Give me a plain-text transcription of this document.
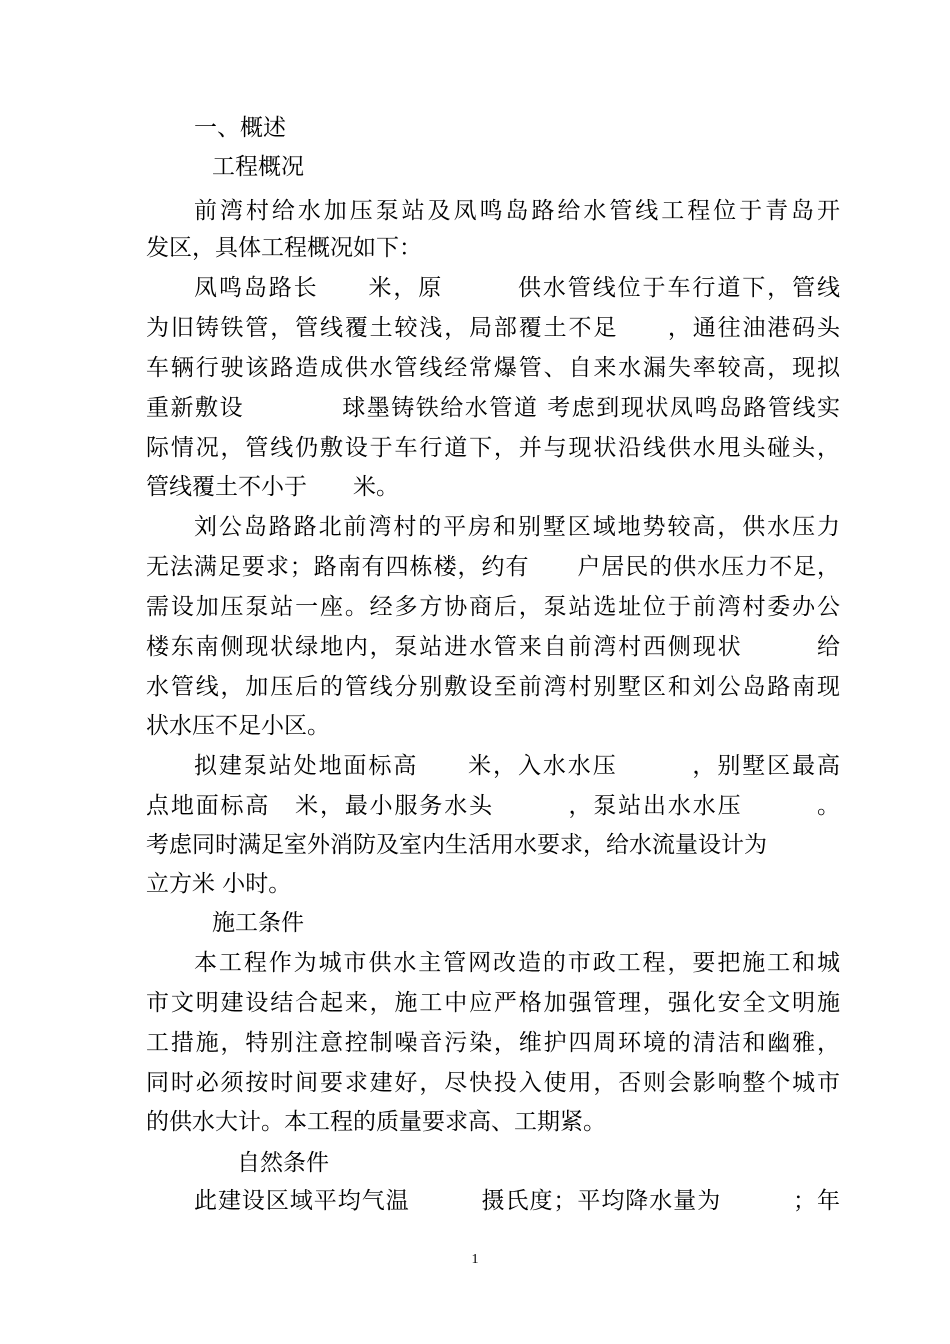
一、概述
工程概况
前湾村给水加压泵站及凤鸣岛路给水管线工程位于青岛开
发区，具体工程概况如下：
凤鸣岛路长　　米，原　　　供水管线位于车行道下，管线
为旧铸铁管，管线覆土较浅，局部覆土不足　　，通往油港码头
车辆行驶该路造成供水管线经常爆管、自来水漏失率较高，现拟
重新敷设　　　　球墨铸铁给水管道 考虑到现状凤鸣岛路管线实
际情况，管线仍敷设于车行道下，并与现状沿线供水甩头碰头，
管线覆土不小于　　米。
刘公岛路路北前湾村的平房和别墅区域地势较高，供水压力
无法满足要求；路南有四栋楼，约有　　户居民的供水压力不足，
需设加压泵站一座。经多方协商后，泵站选址位于前湾村委办公
楼东南侧现状绿地内，泵站进水管来自前湾村西侧现状　　　给
水管线，加压后的管线分别敷设至前湾村别墅区和刘公岛路南现
状水压不足小区。
拟建泵站处地面标高　　米，入水水压　　　，别墅区最高
点地面标高　米，最小服务水头　　　，泵站出水水压　　　。
考虑同时满足室外消防及室内生活用水要求，给水流量设计为
立方米 小时。
施工条件
本工程作为城市供水主管网改造的市政工程，要把施工和城
市文明建设结合起来，施工中应严格加强管理，强化安全文明施
工措施，特别注意控制噪音污染，维护四周环境的清洁和幽雅，
同时必须按时间要求建好，尽快投入使用，否则会影响整个城市
的供水大计。本工程的质量要求高、工期紧。
自然条件
此建设区域平均气温　　　摄氏度；平均降水量为　　　；年
1
